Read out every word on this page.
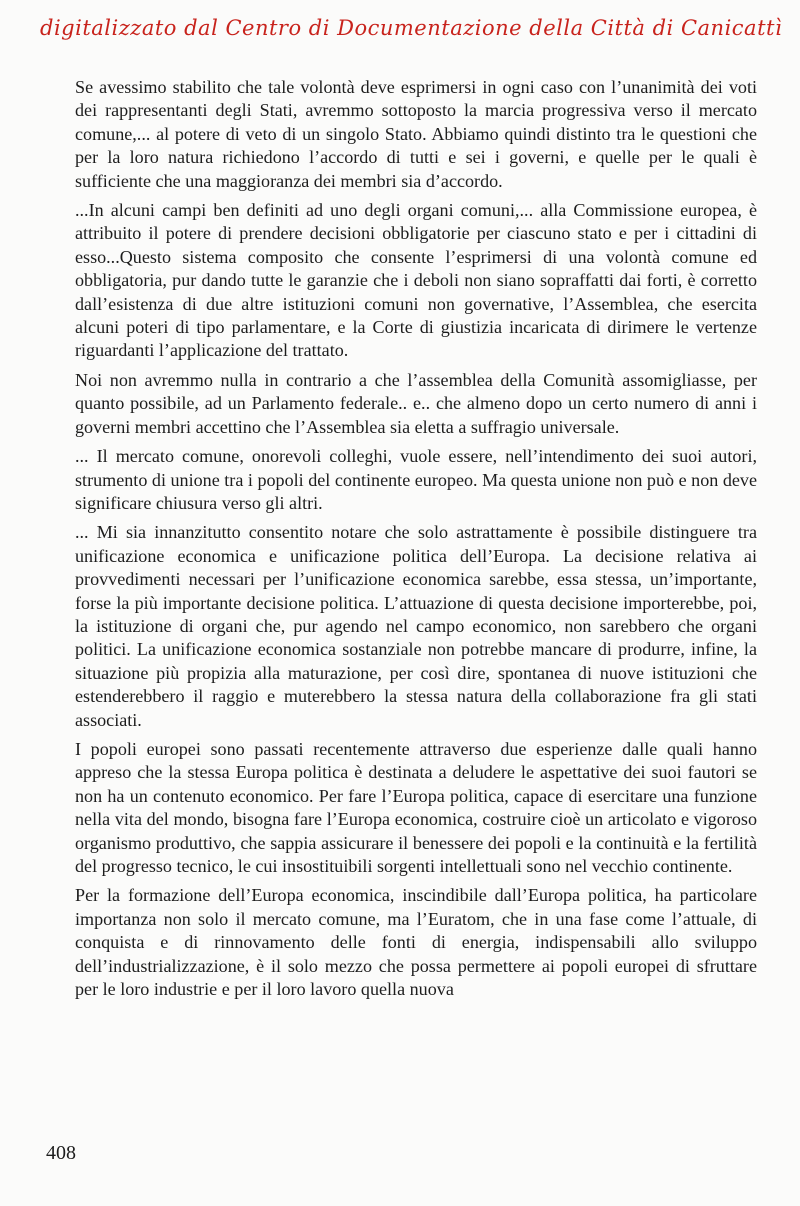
digitalizzato dal Centro di Documentazione della Città di Canicattì

Se avessimo stabilito che tale volontà deve esprimersi in ogni caso con l’unanimità dei voti dei rappresentanti degli Stati, avremmo sottoposto la marcia progressiva verso il mercato comune,... al potere di veto di un singolo Stato. Abbiamo quindi distinto tra le questioni che per la loro natura richiedono l’accordo di tutti e sei i governi, e quelle per le quali è sufficiente che una maggioranza dei membri sia d’accordo.

...In alcuni campi ben definiti ad uno degli organi comuni,... alla Commissione europea, è attribuito il potere di prendere decisioni obbligatorie per ciascuno stato e per i cittadini di esso...Questo sistema composito che consente l’esprimersi di una volontà comune ed obbligatoria, pur dando tutte le garanzie che i deboli non siano sopraffatti dai forti, è corretto dall’esistenza di due altre istituzioni comuni non governative, l’Assemblea, che esercita alcuni poteri di tipo parlamentare, e la Corte di giustizia incaricata di dirimere le vertenze riguardanti l’applicazione del trattato.

Noi non avremmo nulla in contrario a che l’assemblea della Comunità assomigliasse, per quanto possibile, ad un Parlamento federale.. e.. che almeno dopo un certo numero di anni i governi membri accettino che l’Assemblea sia eletta a suffragio universale.

... Il mercato comune, onorevoli colleghi, vuole essere, nell’intendimento dei suoi autori, strumento di unione tra i popoli del continente europeo. Ma questa unione non può e non deve significare chiusura verso gli altri.

... Mi sia innanzitutto consentito notare che solo astrattamente è possibile distinguere tra unificazione economica e unificazione politica dell’Europa. La decisione relativa ai provvedimenti necessari per l’unificazione economica sarebbe, essa stessa, un’importante, forse la più importante decisione politica. L’attuazione di questa decisione importerebbe, poi, la istituzione di organi che, pur agendo nel campo economico, non sarebbero che organi politici. La unificazione economica sostanziale non potrebbe mancare di produrre, infine, la situazione più propizia alla maturazione, per così dire, spontanea di nuove istituzioni che estenderebbero il raggio e muterebbero la stessa natura della collaborazione fra gli stati associati.

I popoli europei sono passati recentemente attraverso due esperienze dalle quali hanno appreso che la stessa Europa politica è destinata a deludere le aspettative dei suoi fautori se non ha un contenuto economico. Per fare l’Europa politica, capace di esercitare una funzione nella vita del mondo, bisogna fare l’Europa economica, costruire cioè un articolato e vigoroso organismo produttivo, che sappia assicurare il benessere dei popoli e la continuità e la fertilità del progresso tecnico, le cui insostituibili sorgenti intellettuali sono nel vecchio continente.

Per la formazione dell’Europa economica, inscindibile dall’Europa politica, ha particolare importanza non solo il mercato comune, ma l’Euratom, che in una fase come l’attuale, di conquista e di rinnovamento delle fonti di energia, indispensabili allo sviluppo dell’industrializzazione, è il solo mezzo che possa permettere ai popoli europei di sfruttare per le loro industrie e per il loro lavoro quella nuova

408
